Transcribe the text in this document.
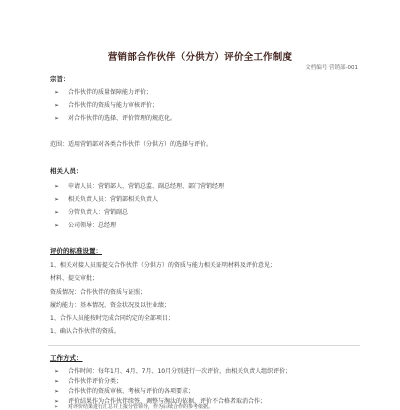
营销部合作伙伴（分供方）评价全工作制度
文档编号 营销部-001
宗旨：
➢ 合作伙伴的质量保障能力评价；
➢ 合作伙伴的资质与能力审核评价；
➢ 对合作伙伴的选择、评价管理的规范化。
范围：适用营销部对各类合作伙伴（分供方）的选择与评价。
相关人员：
➢ 申请人员：营销部人、营销总监、副总经理、部门营销经理
➢ 相关负责人员：营销部相关负责人
➢ 分管负责人：营销副总
➢ 公司领导：总经理
评价的标准设置：
1、相关对接人员需提交合作伙伴（分供方）的资质与能力相关证明材料及评价意见；
材料、提交审批；
资质情况：合作伙伴的资质与证照；
履约能力：基本情况、资金状况及以往业绩；
1、合作人员能按时完成合同约定的全部项目；
1、确认合作伙伴的资质。
工作方式：
➢ 合作时间：每年1月、4月、7月、10月分别进行一次评价，由相关负责人组织评价；
➢ 合作伙伴评价分类；
➢ 合作伙伴的资质审核、考核与评价的各项要求；
➢ 评价结果作为合作伙伴续签、调整与淘汰的依据，评价不合格者取消合作；
➢ 对评价结果进行汇总并上报分管领导，作为后续合作的参考依据。
